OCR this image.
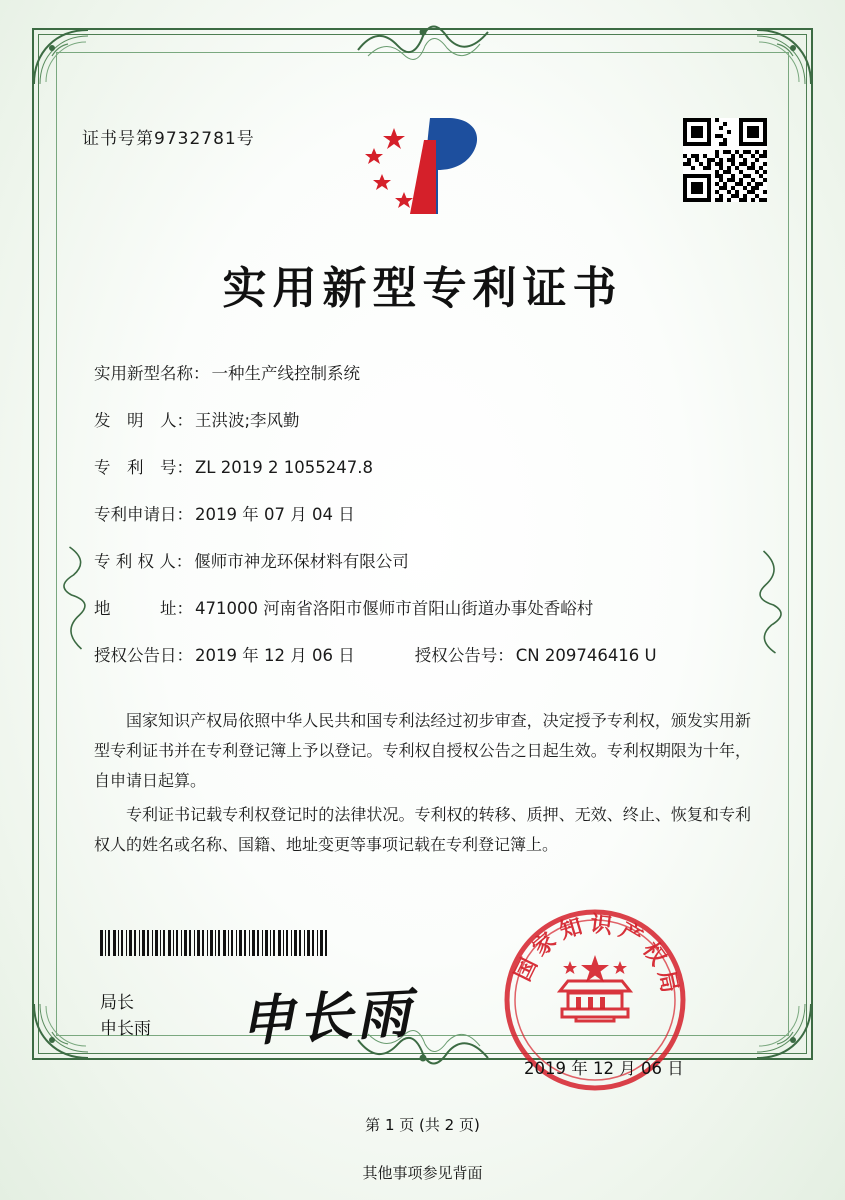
证书号第9732781号
实用新型专利证书
实用新型名称： 一种生产线控制系统
发　明　人： 王洪波;李风勤
专　利　号： ZL 2019 2 1055247.8
专利申请日： 2019 年 07 月 04 日
专 利 权 人： 偃师市神龙环保材料有限公司
地　　　址： 471000 河南省洛阳市偃师市首阳山街道办事处香峪村
授权公告日： 2019 年 12 月 06 日	授权公告号： CN 209746416 U
国家知识产权局依照中华人民共和国专利法经过初步审查，决定授予专利权，颁发实用新型专利证书并在专利登记簿上予以登记。专利权自授权公告之日起生效。专利权期限为十年，自申请日起算。
专利证书记载专利权登记时的法律状况。专利权的转移、质押、无效、终止、恢复和专利权人的姓名或名称、国籍、地址变更等事项记载在专利登记簿上。
局长
申长雨 申长雨
国家知识产权局
2019 年 12 月 06 日
第 1 页 (共 2 页)
其他事项参见背面
